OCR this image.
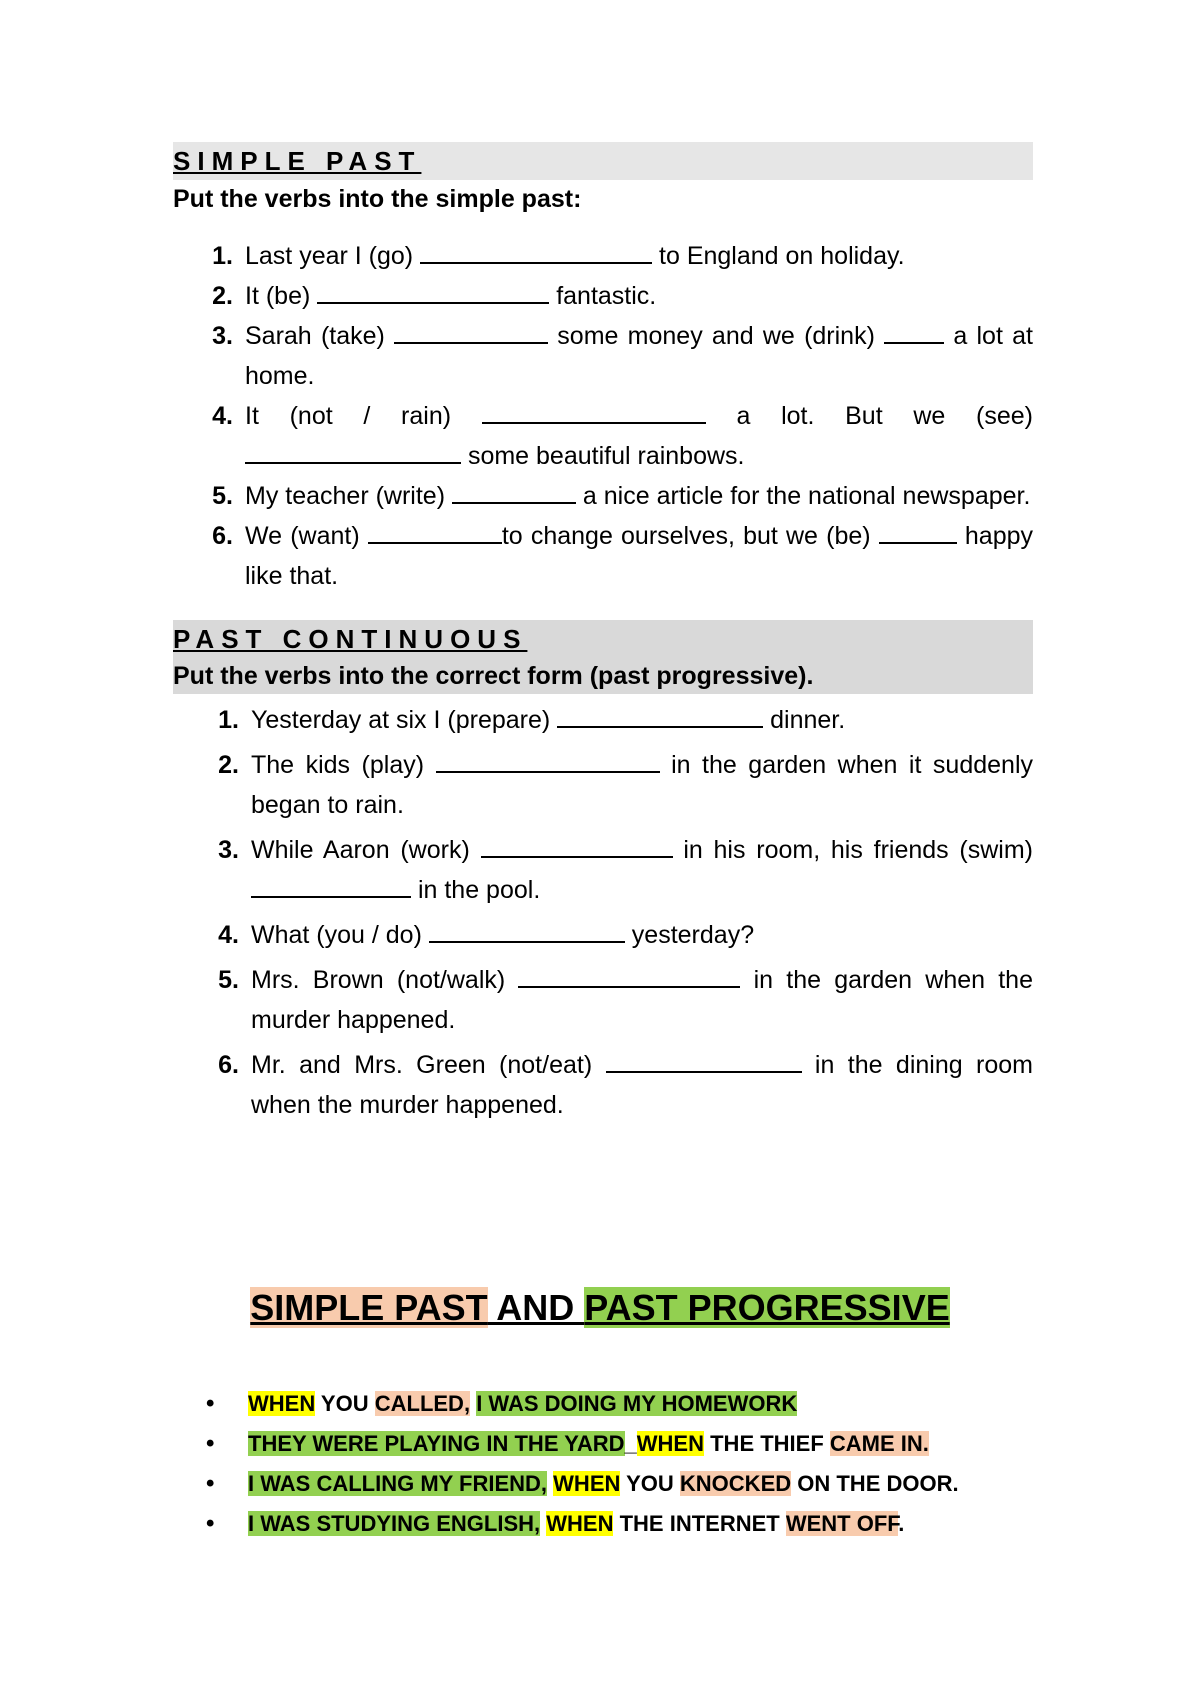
SIMPLE PAST
Put the verbs into the simple past:
1. Last year I (go)	to England on holiday.
2. It (be)	fantastic.
3. Sarah (take)	some money and we (drink)  a lot at home.
4. It (not / rain)	a lot. But we (see)  some beautiful rainbows.
5. My teacher (write)	a nice article for the national newspaper.
6. We (want)	to change ourselves, but we (be)	happy like that.
PAST CONTINUOUS
Put the verbs into the correct form (past progressive).
1. Yesterday at six I (prepare)	dinner.
2. The kids (play)	in the garden when it suddenly began to rain.
3. While Aaron (work)	in his room, his friends (swim)  in the pool.
4. What (you / do)	yesterday?
5. Mrs. Brown (not/walk)	in the garden when the murder happened.
6. Mr. and Mrs. Green (not/eat)	in the dining room when the murder happened.
SIMPLE PAST AND PAST PROGRESSIVE
• WHEN YOU CALLED, I WAS DOING MY HOMEWORK
• THEY WERE PLAYING IN THE YARD_WHEN THE THIEF CAME IN.
• I WAS CALLING MY FRIEND, WHEN YOU KNOCKED ON THE DOOR.
• I WAS STUDYING ENGLISH, WHEN THE INTERNET WENT OFF.
